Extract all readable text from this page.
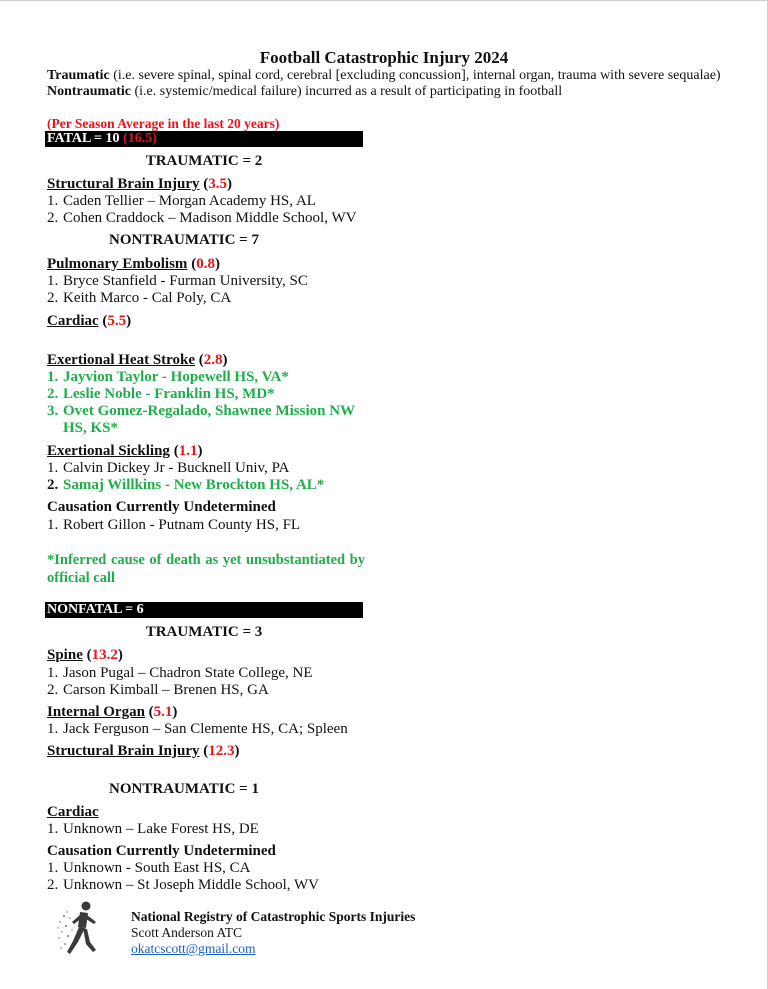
Football Catastrophic Injury 2024
Traumatic (i.e. severe spinal, spinal cord, cerebral [excluding concussion], internal organ, trauma with severe sequalae)
Nontraumatic (i.e. systemic/medical failure) incurred as a result of participating in football
(Per Season Average in the last 20 years)
FATAL = 10 (16.5)
TRAUMATIC = 2
Structural Brain Injury (3.5)
1. Caden Tellier – Morgan Academy HS, AL
2. Cohen Craddock – Madison Middle School, WV
NONTRAUMATIC = 7
Pulmonary Embolism (0.8)
1. Bryce Stanfield - Furman University, SC
2. Keith Marco - Cal Poly, CA
Cardiac (5.5)
Exertional Heat Stroke (2.8)
1. Jayvion Taylor - Hopewell HS, VA*
2. Leslie Noble - Franklin HS, MD*
3. Ovet Gomez-Regalado, Shawnee Mission NW
HS, KS*
Exertional Sickling (1.1)
1. Calvin Dickey Jr - Bucknell Univ, PA
2. Samaj Willkins - New Brockton HS, AL*
Causation Currently Undetermined
1. Robert Gillon - Putnam County HS, FL
*Inferred cause of death as yet unsubstantiated by official call
NONFATAL = 6
TRAUMATIC = 3
Spine (13.2)
1. Jason Pugal – Chadron State College, NE
2. Carson Kimball – Brenen HS, GA
Internal Organ (5.1)
1. Jack Ferguson – San Clemente HS, CA; Spleen
Structural Brain Injury (12.3)
NONTRAUMATIC = 1
Cardiac
1. Unknown – Lake Forest HS, DE
Causation Currently Undetermined
1. Unknown - South East HS, CA
2. Unknown – St Joseph Middle School, WV
National Registry of Catastrophic Sports Injuries
Scott Anderson ATC
okatcscott@gmail.com
